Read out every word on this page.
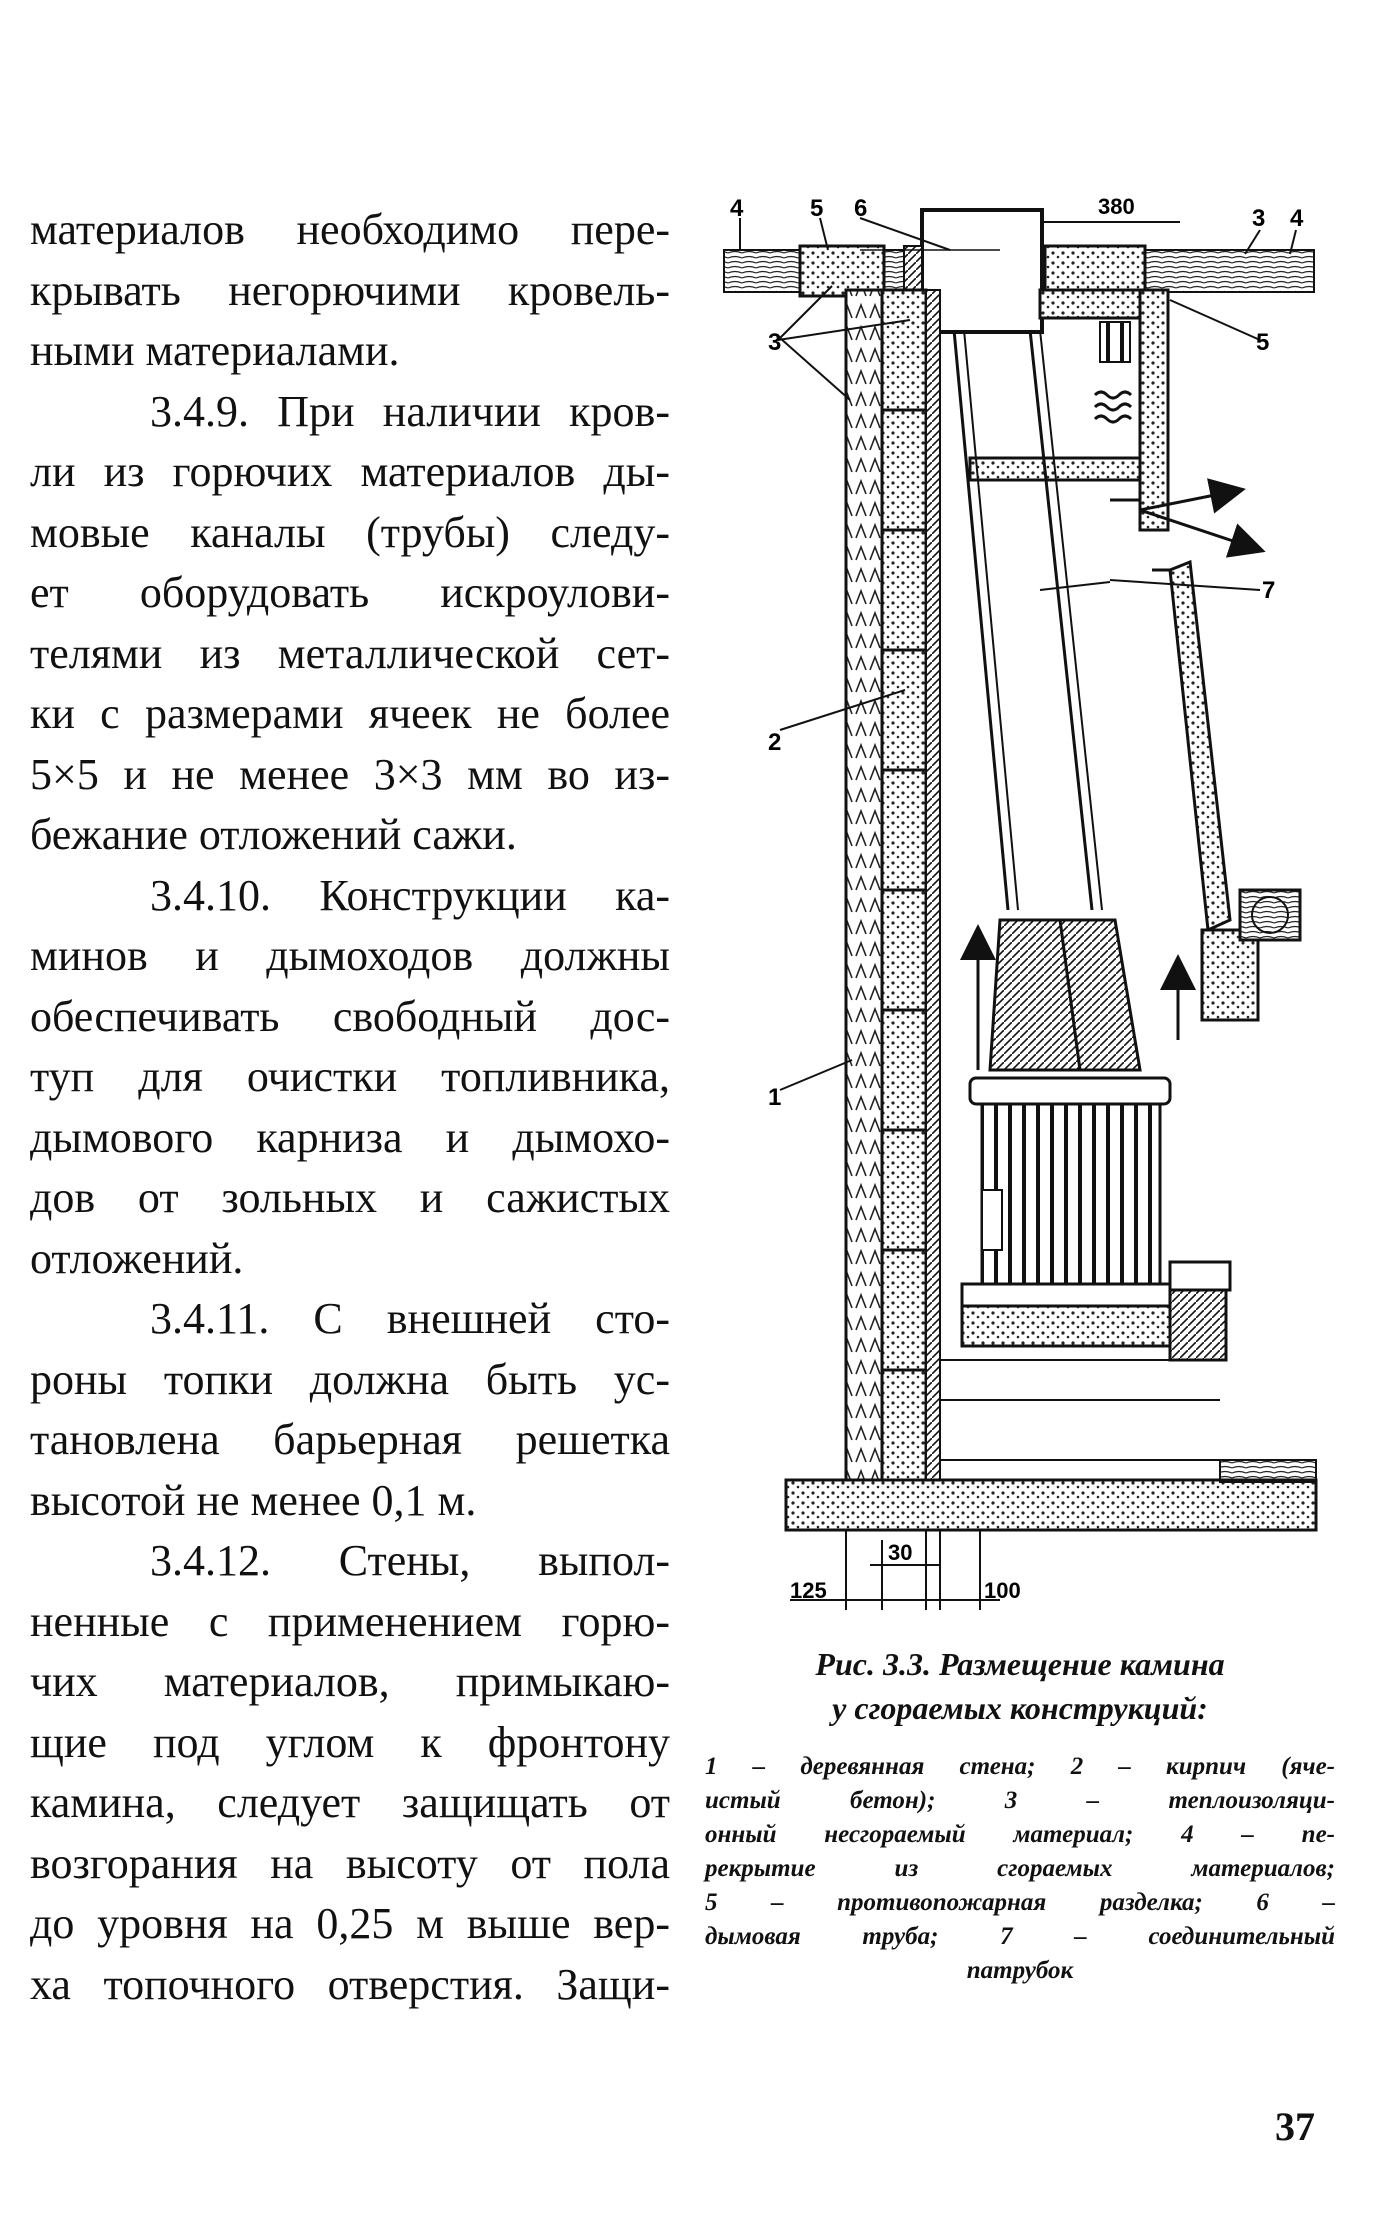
материалов необходимо пере-
крывать негорючими кровель-
ными материалами.
3.4.9. При наличии кров-
ли из горючих материалов ды-
мовые каналы (трубы) следу-
ет оборудовать искроулови-
телями из металлической сет-
ки с размерами ячеек не более
5×5 и не менее 3×3 мм во из-
бежание отложений сажи.
3.4.10. Конструкции ка-
минов и дымоходов должны
обеспечивать свободный дос-
туп для очистки топливника,
дымового карниза и дымохо-
дов от зольных и сажистых
отложений.
3.4.11. С внешней сто-
роны топки должна быть ус-
тановлена барьерная решетка
высотой не менее 0,1 м.
3.4.12. Стены, выпол-
ненные с применением горю-
чих материалов, примыкаю-
щие под углом к фронтону
камина, следует защищать от
возгорания на высоту от пола
до уровня на 0,25 м выше вер-
ха топочного отверстия. Защи-
380
125
30
100
4	5 6
3
2
1
7
3 4
5
Рис. 3.3. Размещение камина
у сгораемых конструкций:
1 – деревянная стена; 2 – кирпич (яче-
истый бетон); 3 – теплоизоляци-
онный несгораемый материал; 4 – пе-
рекрытие из сгораемых материалов;
5 – противопожарная разделка; 6 –
дымовая труба; 7 – соединительный
патрубок
37
